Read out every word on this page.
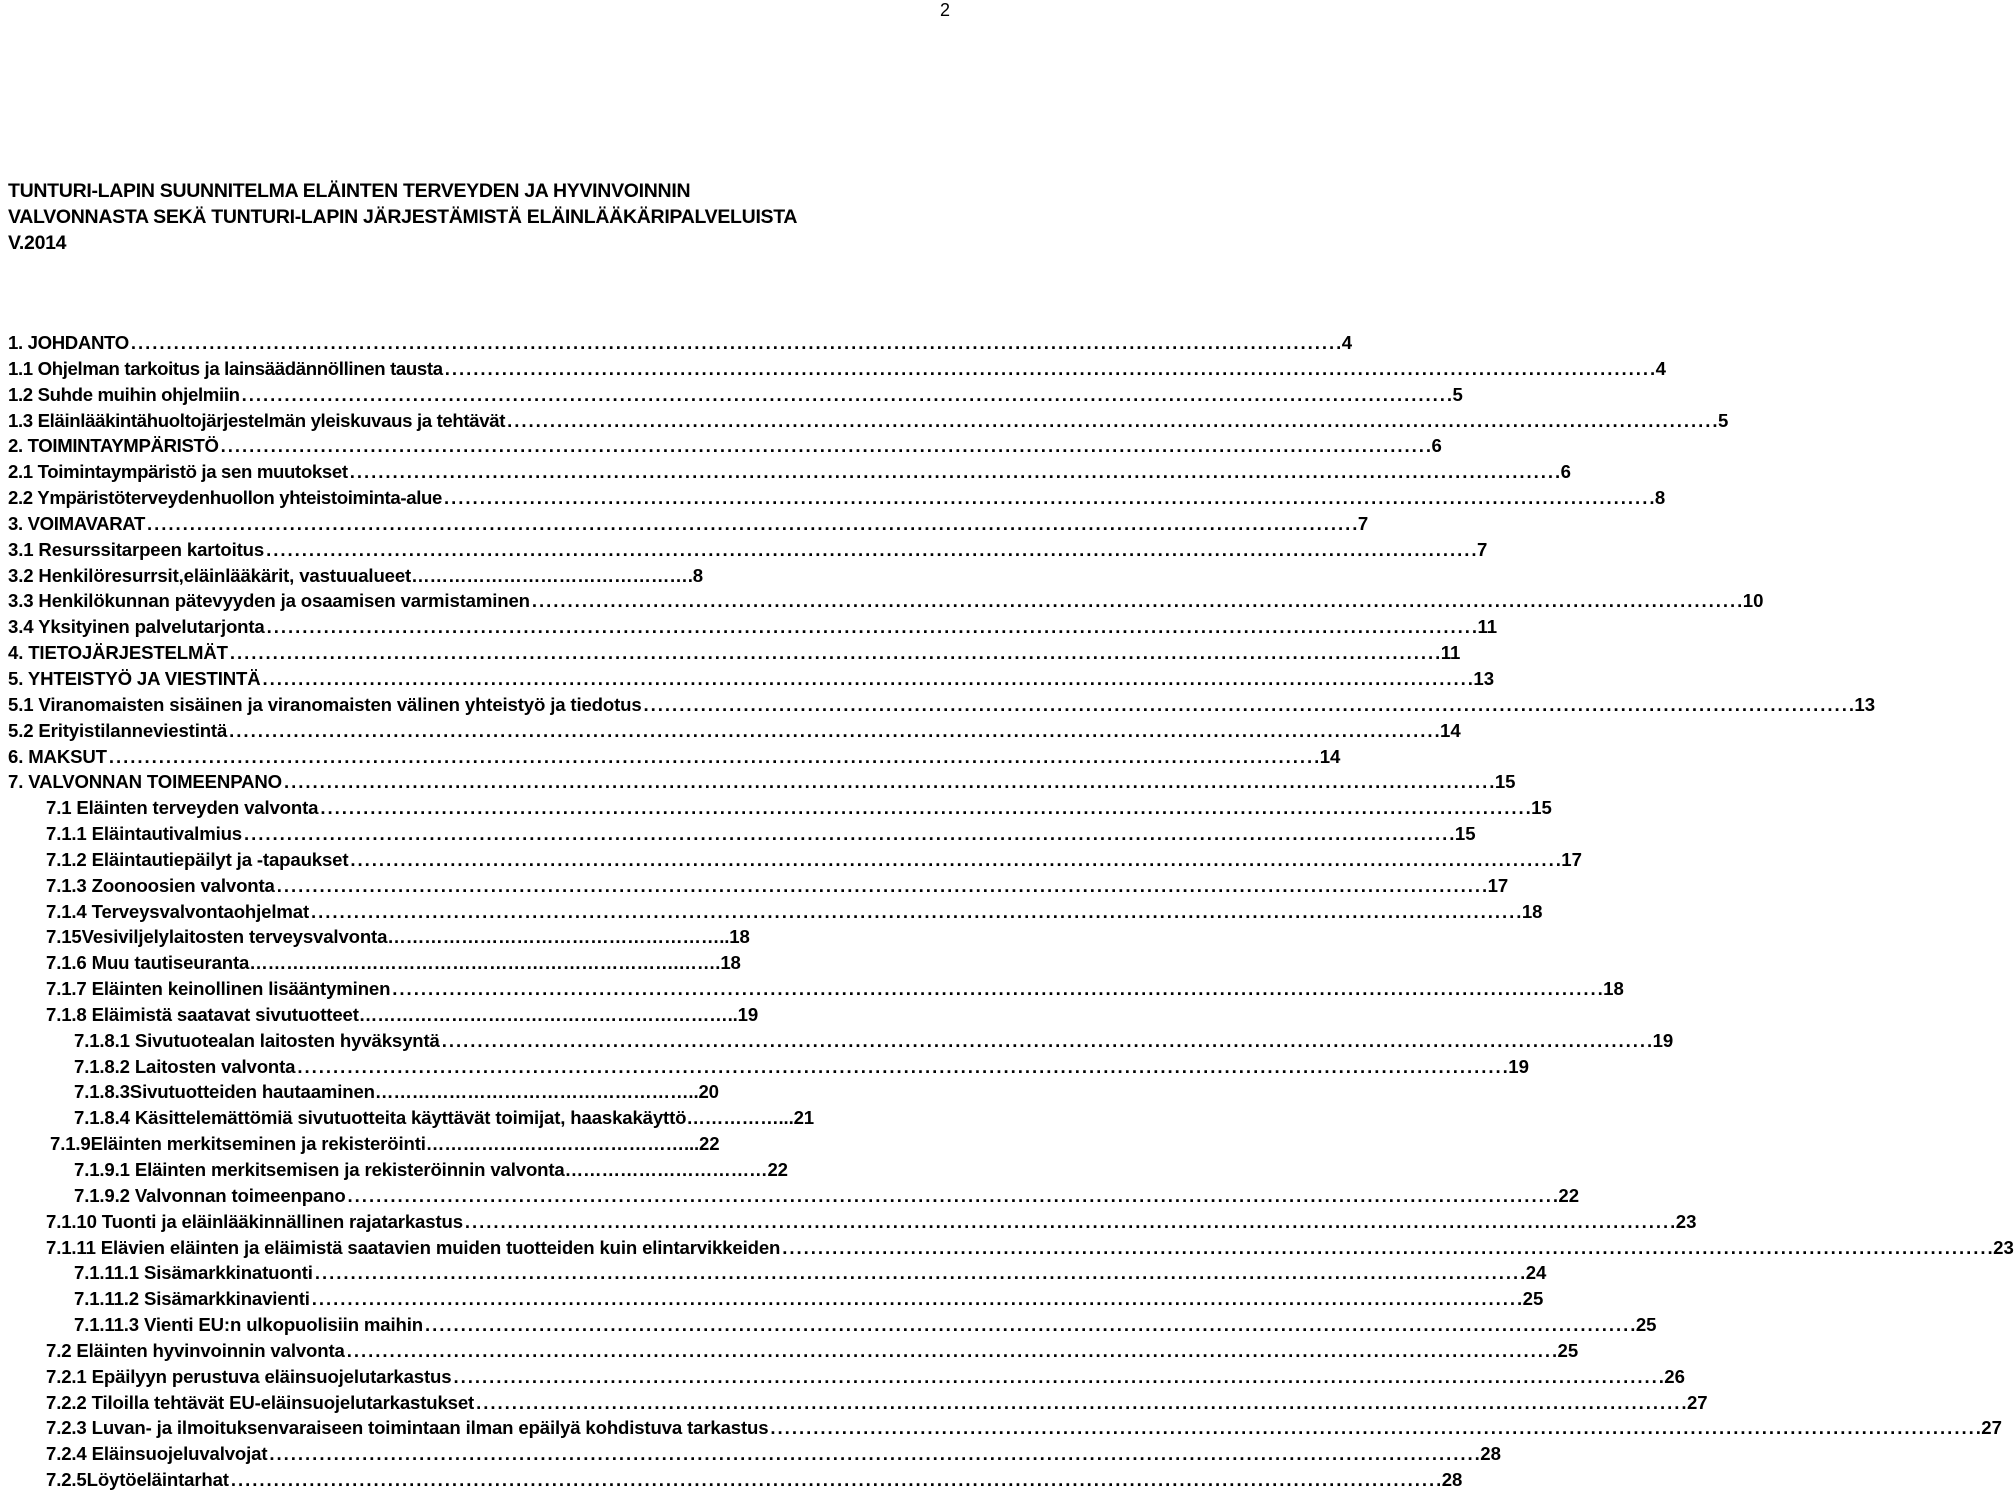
2
TUNTURI-LAPIN SUUNNITELMA ELÄINTEN TERVEYDEN JA HYVINVOINNIN
VALVONNASTA SEKÄ TUNTURI-LAPIN JÄRJESTÄMISTÄ ELÄINLÄÄKÄRIPALVELUISTA
V.2014
1. JOHDANTO . . .	4
1.1 Ohjelman tarkoitus ja lainsäädännöllinen tausta . . .	4
1.2 Suhde muihin ohjelmiin . . .	5
1.3 Eläinlääkintähuoltojärjestelmän yleiskuvaus ja tehtävät . . .	5
2. TOIMINTAYMPÄRISTÖ . . .	6
2.1 Toimintaympäristö ja sen muutokset . . .	6
2.2 Ympäristöterveydenhuollon yhteistoiminta-alue . . .	8
3. VOIMAVARAT . . .	7
3.1 Resurssitarpeen kartoitus . . .	7
3.2 Henkilöresurrsit,eläinlääkärit, vastuualueet……………………………………….8
3.3 Henkilökunnan pätevyyden ja osaamisen varmistaminen . . .	10
3.4 Yksityinen palvelutarjonta . . .	11
4. TIETOJÄRJESTELMÄT . . .	11
5. YHTEISTYÖ JA VIESTINTÄ . . .	13
5.1 Viranomaisten sisäinen ja viranomaisten välinen yhteistyö ja tiedotus . . .	13
5.2 Erityistilanneviestintä . . .	14
6. MAKSUT . . .	14
7. VALVONNAN TOIMEENPANO . . .	15
7.1 Eläinten terveyden valvonta . . .	15
7.1.1 Eläintautivalmius . . .	15
7.1.2 Eläintautiepäilyt ja -tapaukset . . .	17
7.1.3 Zoonoosien valvonta . . .	17
7.1.4 Terveysvalvontaohjelmat . . .	18
7.15Vesiviljelylaitosten terveysvalvonta………………………………………………..18
7.1.6 Muu tautiseuranta…………………………………………………………….…….18
7.1.7 Eläinten keinollinen lisääntyminen . . .	18
7.1.8 Eläimistä saatavat sivutuotteet……………………………………………………..19
7.1.8.1 Sivutuotealan laitosten hyväksyntä . . .	19
7.1.8.2 Laitosten valvonta . . .	19
7.1.8.3Sivutuotteiden hautaaminen……………………………………………..20
7.1.8.4 Käsittelemättömiä sivutuotteita käyttävät toimijat, haaskakäyttö……………...21
7.1.9Eläinten merkitseminen ja rekisteröinti……………………………………...22
7.1.9.1 Eläinten merkitsemisen ja rekisteröinnin valvonta……………………………22
7.1.9.2 Valvonnan toimeenpano . . .	22
7.1.10 Tuonti ja eläinlääkinnällinen rajatarkastus . . .	23
7.1.11 Elävien eläinten ja eläimistä saatavien muiden tuotteiden kuin elintarvikkeiden . . .	23
7.1.11.1 Sisämarkkinatuonti . . .	24
7.1.11.2 Sisämarkkinavienti . . .	25
7.1.11.3 Vienti EU:n ulkopuolisiin maihin . . .	25
7.2 Eläinten hyvinvoinnin valvonta . . .	25
7.2.1 Epäilyyn perustuva eläinsuojelutarkastus . . .	26
7.2.2 Tiloilla tehtävät EU-eläinsuojelutarkastukset . . .	27
7.2.3 Luvan- ja ilmoituksenvaraiseen toimintaan ilman epäilyä kohdistuva tarkastus . . .	27
7.2.4 Eläinsuojeluvalvojat . . .	28
7.2.5Löytöeläintarhat . . .	28
